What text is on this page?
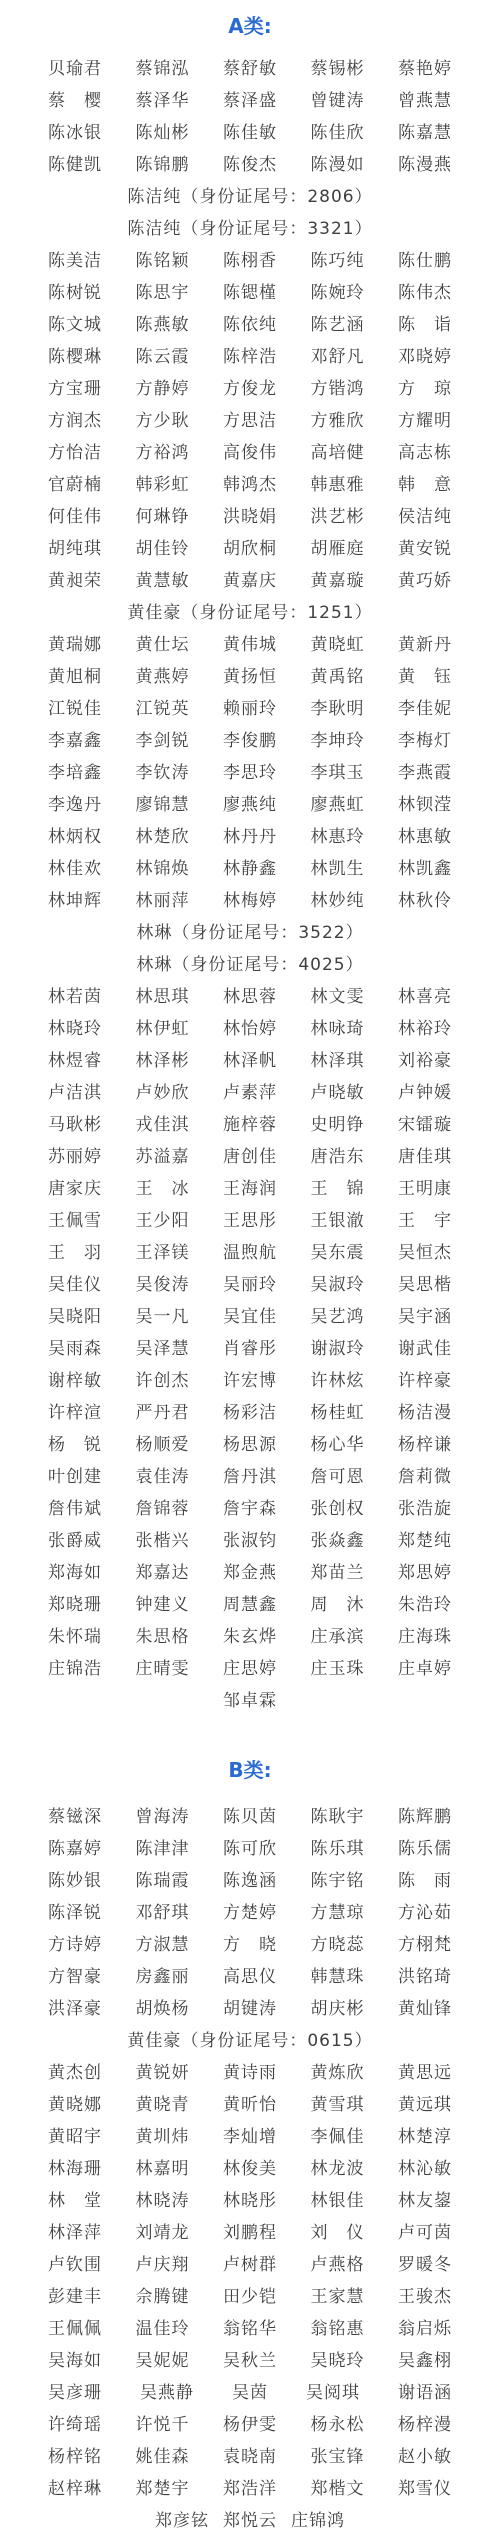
A类:
贝瑜君 蔡锦泓 蔡舒敏 蔡锡彬 蔡艳婷
蔡　樱 蔡泽华 蔡泽盛 曾键涛 曾燕慧
陈冰银 陈灿彬 陈佳敏 陈佳欣 陈嘉慧
陈健凯 陈锦鹏 陈俊杰 陈漫如 陈漫燕
陈洁纯（身份证尾号：2806）
陈洁纯（身份证尾号：3321）
陈美洁 陈铭颖 陈栩香 陈巧纯 陈仕鹏
陈树锐 陈思宇 陈锶槿 陈婉玲 陈伟杰
陈文城 陈燕敏 陈依纯 陈艺涵 陈　诣
陈樱琳 陈云霞 陈梓浩 邓舒凡 邓晓婷
方宝珊 方静婷 方俊龙 方锴鸿 方　琼
方润杰 方少耿 方思洁 方雅欣 方耀明
方怡洁 方裕鸿 高俊伟 高培健 高志栋
官蔚楠 韩彩虹 韩鸿杰 韩惠雅 韩　意
何佳伟 何琳铮 洪晓娟 洪艺彬 侯洁纯
胡纯琪 胡佳铃 胡欣桐 胡雁庭 黄安锐
黄昶荣 黄慧敏 黄嘉庆 黄嘉璇 黄巧娇
黄佳豪（身份证尾号：1251）
黄瑞娜 黄仕坛 黄伟城 黄晓虹 黄新丹
黄旭桐 黄燕婷 黄扬恒 黄禹铭 黄　钰
江锐佳 江锐英 赖丽玲 李耿明 李佳妮
李嘉鑫 李剑锐 李俊鹏 李坤玲 李梅灯
李培鑫 李钦涛 李思玲 李琪玉 李燕霞
李逸丹 廖锦慧 廖燕纯 廖燕虹 林钡滢
林炳权 林楚欣 林丹丹 林惠玲 林惠敏
林佳欢 林锦焕 林静鑫 林凯生 林凯鑫
林坤辉 林丽萍 林梅婷 林妙纯 林秋伶
林琳（身份证尾号：3522）
林琳（身份证尾号：4025）
林若茵 林思琪 林思蓉 林文雯 林喜亮
林晓玲 林伊虹 林怡婷 林咏琦 林裕玲
林煜睿 林泽彬 林泽帆 林泽琪 刘裕豪
卢洁淇 卢妙欣 卢素萍 卢晓敏 卢钟媛
马耿彬 戎佳淇 施梓蓉 史明铮 宋镭璇
苏丽婷 苏溢嘉 唐创佳 唐浩东 唐佳琪
唐家庆 王　冰 王海润 王　锦 王明康
王佩雪 王少阳 王思彤 王银澈 王　宇
王　羽 王泽镁 温煦航 吴东震 吴恒杰
吴佳仪 吴俊涛 吴丽玲 吴淑玲 吴思楷
吴晓阳 吴一凡 吴宜佳 吴艺鸿 吴宇涵
吴雨森 吴泽慧 肖睿彤 谢淑玲 谢武佳
谢梓敏 许创杰 许宏博 许林炫 许梓豪
许梓渲 严丹君 杨彩洁 杨桂虹 杨洁漫
杨　锐 杨顺爱 杨思源 杨心华 杨梓谦
叶创建 袁佳涛 詹丹淇 詹可恩 詹莉微
詹伟斌 詹锦蓉 詹宇森 张创权 张浩旋
张爵威 张楷兴 张淑钧 张焱鑫 郑楚纯
郑海如 郑嘉达 郑金燕 郑苗兰 郑思婷
郑晓珊 钟建义 周慧鑫 周　沐 朱浩玲
朱怀瑞 朱思格 朱玄烨 庄承滨 庄海珠
庄锦浩 庄晴雯 庄思婷 庄玉珠 庄卓婷
邹卓霖
B类:
蔡镃深 曾海涛 陈贝茵 陈耿宇 陈辉鹏
陈嘉婷 陈津津 陈可欣 陈乐琪 陈乐儒
陈妙银 陈瑞霞 陈逸涵 陈宇铭 陈　雨
陈泽锐 邓舒琪 方楚婷 方慧琼 方沁茹
方诗婷 方淑慧 方　晓 方晓蕊 方栩梵
方智豪 房鑫丽 高思仪 韩慧珠 洪铭琦
洪泽豪 胡焕杨 胡键涛 胡庆彬 黄灿锋
黄佳豪（身份证尾号：0615）
黄杰创 黄锐妍 黄诗雨 黄炼欣 黄思远
黄晓娜 黄晓青 黄昕怡 黄雪琪 黄远琪
黄昭宇 黄圳炜 李灿增 李佩佳 林楚淳
林海珊 林嘉明 林俊美 林龙波 林沁敏
林　堂 林晓涛 林晓彤 林银佳 林友鋆
林泽萍 刘靖龙 刘鹏程 刘　仪 卢可茵
卢钦围 卢庆翔 卢树群 卢燕格 罗暖冬
彭建丰 佘腾键 田少铠 王家慧 王骏杰
王佩佩 温佳玲 翁铭华 翁铭惠 翁启烁
吴海如 吴妮妮 吴秋兰 吴晓玲 吴鑫栩
吴彦珊 吴燕静 吴茵 吴阅琪 谢语涵
许绮瑶 许悦千 杨伊雯 杨永松 杨梓漫
杨梓铭 姚佳森 袁晓南 张宝锋 赵小敏
赵梓琳 郑楚宇 郑浩洋 郑楷文 郑雪仪
郑彦铉 郑悦云 庄锦鸿
